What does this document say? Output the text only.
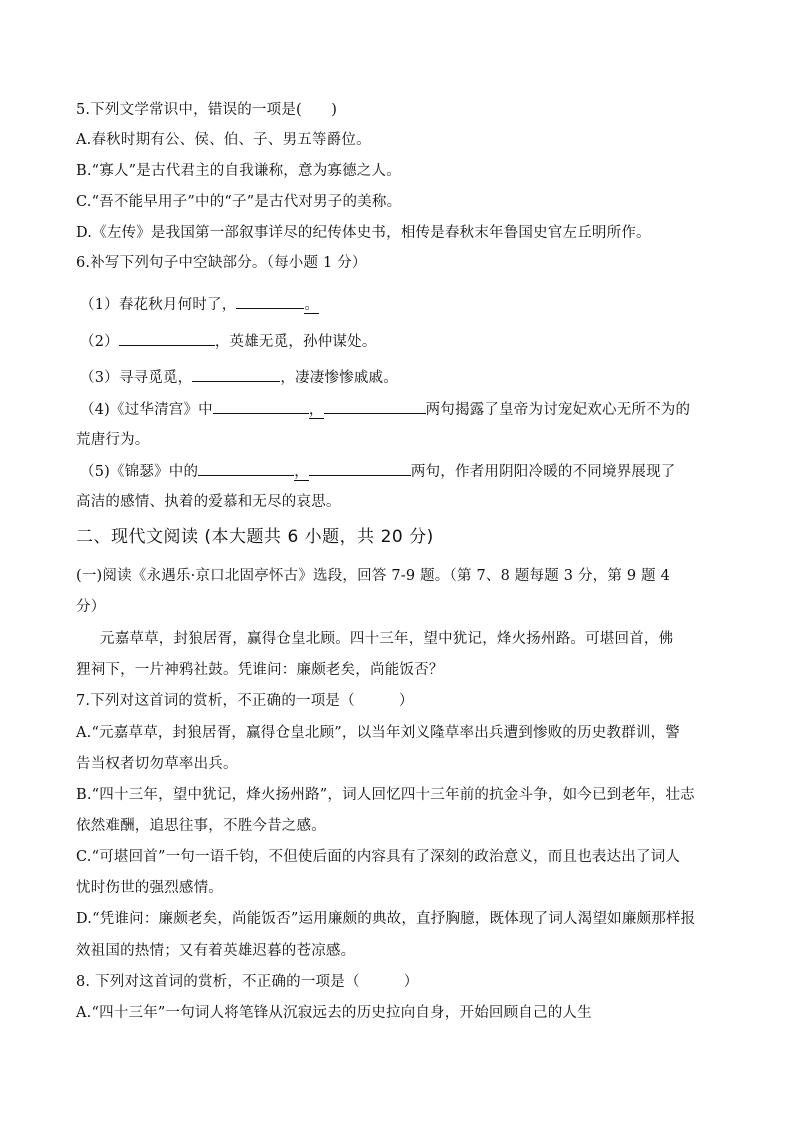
5.下列文学常识中，错误的一项是(　　)
A.春秋时期有公、侯、伯、子、男五等爵位。
B.“寡人”是古代君主的自我谦称，意为寡德之人。
C.“吾不能早用子”中的“子”是古代对男子的美称。
D.《左传》是我国第一部叙事详尽的纪传体史书，相传是春秋末年鲁国史官左丘明所作。
6.补写下列句子中空缺部分。（每小题 1 分）
（1）春花秋月何时了，	。
（2）	，英雄无觅，孙仲谋处。
（3）寻寻觅觅，	，凄凄惨惨戚戚。
（4)《过华清宫》中	，	两句揭露了皇帝为讨宠妃欢心无所不为的
荒唐行为。
（5)《锦瑟》中的	，	两句，作者用阴阳冷暖的不同境界展现了
高洁的感情、执着的爱慕和无尽的哀思。
二、现代文阅读 (本大题共 6 小题，共 20 分)
(一)阅读《永遇乐·京口北固亭怀古》选段，回答 7-9 题。（第 7、8 题每题 3 分，第 9 题 4
分）
元嘉草草，封狼居胥，赢得仓皇北顾。四十三年，望中犹记，烽火扬州路。可堪回首，佛
狸祠下，一片神鸦社鼓。凭谁问：廉颇老矣，尚能饭否？
7.下列对这首词的赏析，不正确的一项是（　　　）
A.“元嘉草草，封狼居胥，赢得仓皇北顾”，以当年刘义隆草率出兵遭到惨败的历史教群训，警
告当权者切勿草率出兵。
B.“四十三年，望中犹记，烽火扬州路”，词人回忆四十三年前的抗金斗争，如今已到老年，壮志
依然难酬，追思往事，不胜今昔之感。
C.“可堪回首”一句一语千钧，不但使后面的内容具有了深刻的政治意义，而且也表达出了词人
忧时伤世的强烈感情。
D.“凭谁问：廉颇老矣，尚能饭否”运用廉颇的典故，直抒胸臆，既体现了词人渴望如廉颇那样报
效祖国的热情；又有着英雄迟暮的苍凉感。
8. 下列对这首词的赏析，不正确的一项是（　　　）
A.“四十三年”一句词人将笔锋从沉寂远去的历史拉向自身，开始回顾自己的人生
